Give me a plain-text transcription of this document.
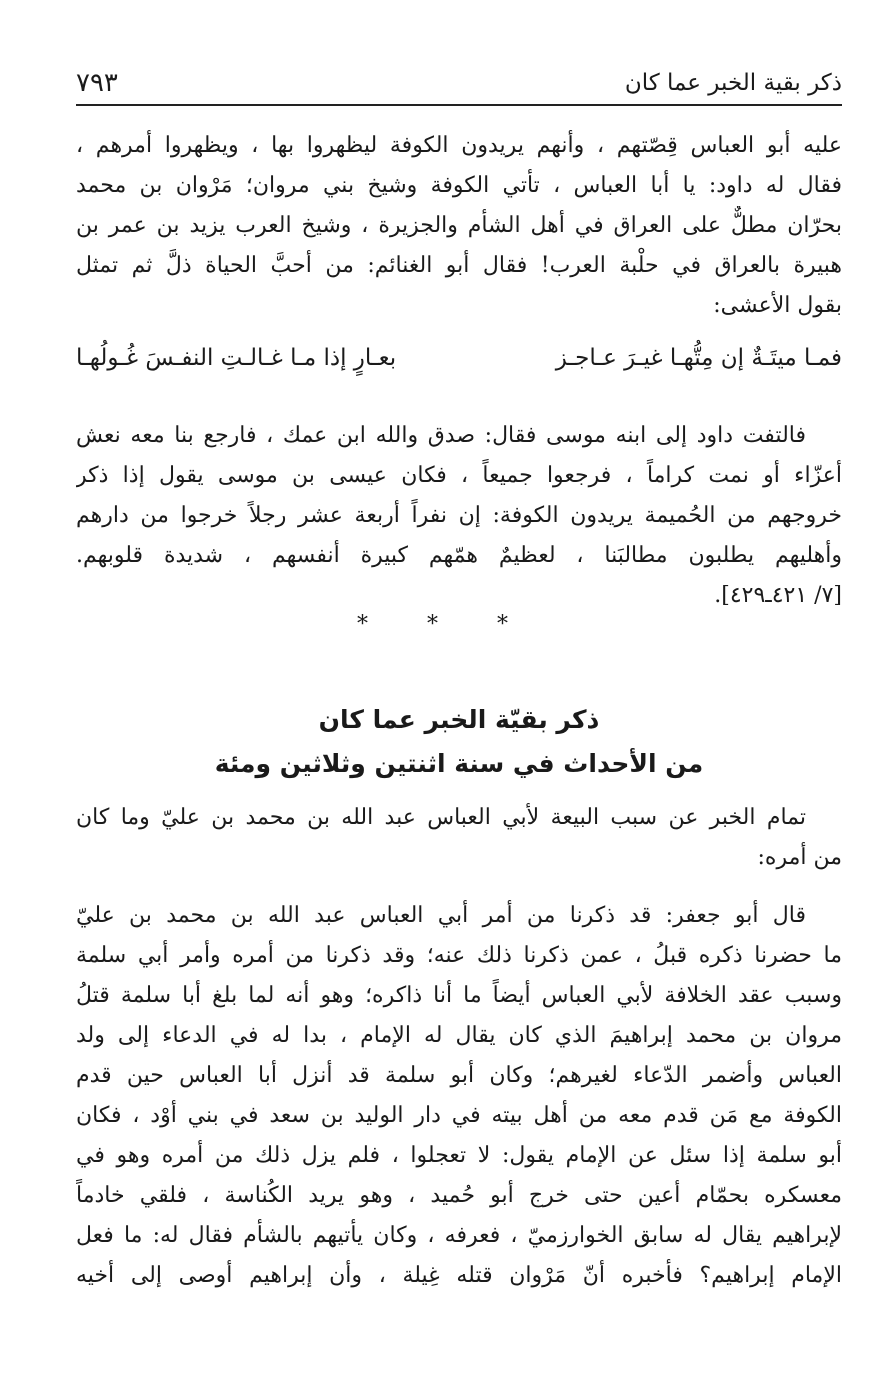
٧٩٣	ذكر بقية الخبر عما كان
عليه أبو العباس قِصّتهم ، وأنهم يريدون الكوفة ليظهروا بها ، ويظهروا أمرهم ،
فقال له داود: يا أبا العباس ، تأتي الكوفة وشيخ بني مروان؛ مَرْوان بن محمد
بحرّان مطلٌّ على العراق في أهل الشأم والجزيرة ، وشيخ العرب يزيد بن عمر بن
هبيرة بالعراق في حلْبة العرب! فقال أبو الغنائم: من أحبَّ الحياة ذلَّ ثم تمثل
بقول الأعشى:
فمـا ميتَـةٌ إن مِتُّهـا غيـرَ عـاجـز
بعـارٍ إذا مـا غـالـتِ النفـسَ غُـولُهـا
فالتفت داود إلى ابنه موسى فقال: صدق والله ابن عمك ، فارجع بنا معه نعش
أعزّاء أو نمت كراماً ، فرجعوا جميعاً ، فكان عيسى بن موسى يقول إذا ذكر
خروجهم من الحُميمة يريدون الكوفة: إن نفراً أربعة عشر رجلاً خرجوا من دارهم
وأهليهم يطلبون مطالبَنا ، لعظيمٌ همّهم كبيرة أنفسهم ، شديدة قلوبهم.
[٧/ ٤٢١ـ٤٢٩].
* * *
ذكر بقيّة الخبر عما كان
من الأحداث في سنة اثنتين وثلاثين ومئة
تمام الخبر عن سبب البيعة لأبي العباس عبد الله بن محمد بن عليّ وما كان
من أمره:
قال أبو جعفر: قد ذكرنا من أمر أبي العباس عبد الله بن محمد بن عليّ
ما حضرنا ذكره قبلُ ، عمن ذكرنا ذلك عنه؛ وقد ذكرنا من أمره وأمر أبي سلمة
وسبب عقد الخلافة لأبي العباس أيضاً ما أنا ذاكره؛ وهو أنه لما بلغ أبا سلمة قتلُ
مروان بن محمد إبراهيمَ الذي كان يقال له الإمام ، بدا له في الدعاء إلى ولد
العباس وأضمر الدّعاء لغيرهم؛ وكان أبو سلمة قد أنزل أبا العباس حين قدم
الكوفة مع مَن قدم معه من أهل بيته في دار الوليد بن سعد في بني أوْد ، فكان
أبو سلمة إذا سئل عن الإمام يقول: لا تعجلوا ، فلم يزل ذلك من أمره وهو في
معسكره بحمّام أعين حتى خرج أبو حُميد ، وهو يريد الكُناسة ، فلقي خادماً
لإبراهيم يقال له سابق الخوارزميّ ، فعرفه ، وكان يأتيهم بالشأم فقال له: ما فعل
الإمام إبراهيم؟ فأخبره أنّ مَرْوان قتله غِيلة ، وأن إبراهيم أوصى إلى أخيه
